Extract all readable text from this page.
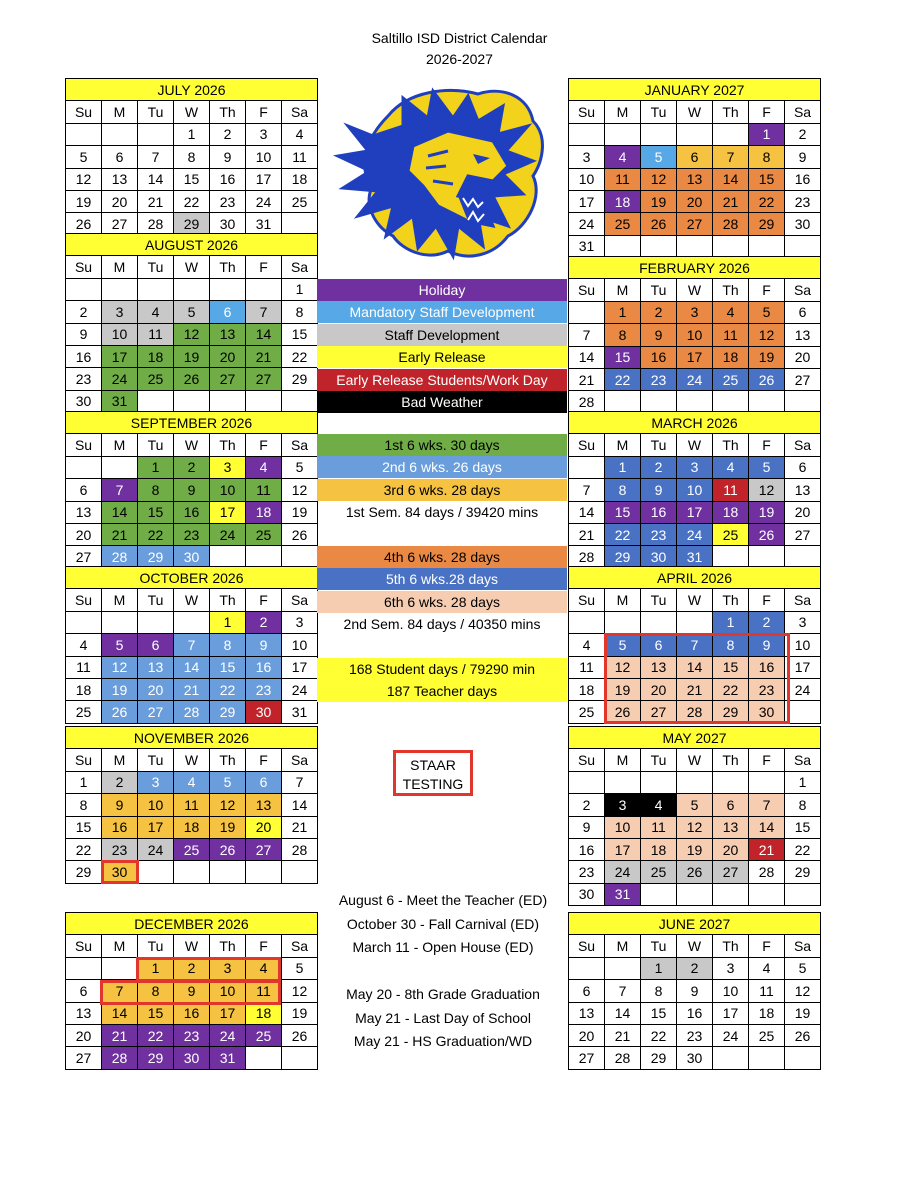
Saltillo ISD District Calendar
2026-2027
JULY 2026						
Su	M	Tu	W	Th	F	Sa
			1	2	3	4
5	6	7	8	9	10	11
12	13	14	15	16	17	18
19	20	21	22	23	24	25
26	27	28	29	30	31	
AUGUST 2026						
Su	M	Tu	W	Th	F	Sa
						1
2	3	4	5	6	7	8
9	10	11	12	13	14	15
16	17	18	19	20	21	22
23	24	25	26	27	27	29
30	31					
SEPTEMBER 2026						
Su	M	Tu	W	Th	F	Sa
		1	2	3	4	5
6	7	8	9	10	11	12
13	14	15	16	17	18	19
20	21	22	23	24	25	26
27	28	29	30			
OCTOBER 2026						
Su	M	Tu	W	Th	F	Sa
				1	2	3
4	5	6	7	8	9	10
11	12	13	14	15	16	17
18	19	20	21	22	23	24
25	26	27	28	29	30	31
NOVEMBER 2026						
Su	M	Tu	W	Th	F	Sa
1	2	3	4	5	6	7
8	9	10	11	12	13	14
15	16	17	18	19	20	21
22	23	24	25	26	27	28
29	30					
DECEMBER 2026						
Su	M	Tu	W	Th	F	Sa
		1	2	3	4	5
6	7	8	9	10	11	12
13	14	15	16	17	18	19
20	21	22	23	24	25	26
27	28	29	30	31		
JANUARY 2027						
Su	M	Tu	W	Th	F	Sa
					1	2
3	4	5	6	7	8	9
10	11	12	13	14	15	16
17	18	19	20	21	22	23
24	25	26	27	28	29	30
31						
FEBRUARY 2026						
Su	M	Tu	W	Th	F	Sa
	1	2	3	4	5	6
7	8	9	10	11	12	13
14	15	16	17	18	19	20
21	22	23	24	25	26	27
28						
MARCH 2026						
Su	M	Tu	W	Th	F	Sa
	1	2	3	4	5	6
7	8	9	10	11	12	13
14	15	16	17	18	19	20
21	22	23	24	25	26	27
28	29	30	31			
APRIL 2026						
Su	M	Tu	W	Th	F	Sa
				1	2	3
4	5	6	7	8	9	10
11	12	13	14	15	16	17
18	19	20	21	22	23	24
25	26	27	28	29	30	
MAY 2027						
Su	M	Tu	W	Th	F	Sa
						1
2	3	4	5	6	7	8
9	10	11	12	13	14	15
16	17	18	19	20	21	22
23	24	25	26	27	28	29
30	31					
JUNE 2027						
Su	M	Tu	W	Th	F	Sa
		1	2	3	4	5
6	7	8	9	10	11	12
13	14	15	16	17	18	19
20	21	22	23	24	25	26
27	28	29	30			
Holiday
Mandatory Staff Development
Staff Development
Early Release
Early Release Students/Work Day
Bad Weather
1st 6 wks. 30 days
2nd 6 wks. 26 days
3rd 6 wks. 28 days
1st Sem. 84 days / 39420 mins
4th 6 wks. 28 days
5th 6 wks.28 days
6th 6 wks. 28 days
2nd Sem. 84 days / 40350 mins
168 Student days / 79290 min
187 Teacher days
STAAR
TESTING
August 6 - Meet the Teacher (ED)
October 30 - Fall Carnival (ED)
March 11 - Open House (ED)
May 20 - 8th Grade Graduation
May 21 - Last Day of School
May 21 - HS Graduation/WD
